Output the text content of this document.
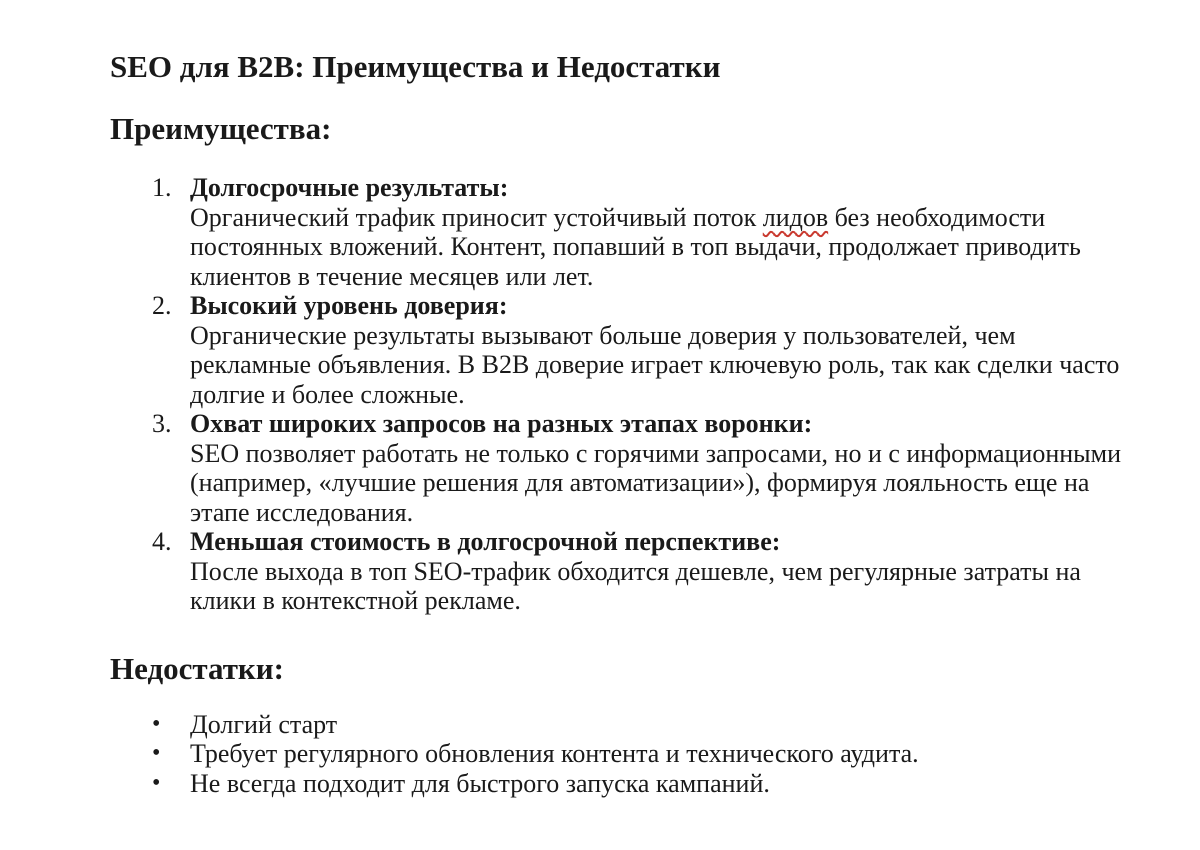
SEO для B2B: Преимущества и Недостатки
Преимущества:
1. Долгосрочные результаты:
Органический трафик приносит устойчивый поток лидов без необходимости
постоянных вложений. Контент, попавший в топ выдачи, продолжает приводить
клиентов в течение месяцев или лет.
2. Высокий уровень доверия:
Органические результаты вызывают больше доверия у пользователей, чем
рекламные объявления. В B2B доверие играет ключевую роль, так как сделки часто
долгие и более сложные.
3. Охват широких запросов на разных этапах воронки:
SEO позволяет работать не только с горячими запросами, но и с информационными
(например, «лучшие решения для автоматизации»), формируя лояльность еще на
этапе исследования.
4. Меньшая стоимость в долгосрочной перспективе:
После выхода в топ SEO-трафик обходится дешевле, чем регулярные затраты на
клики в контекстной рекламе.
Недостатки:
•	Долгий старт
•	Требует регулярного обновления контента и технического аудита.
•	Не всегда подходит для быстрого запуска кампаний.
